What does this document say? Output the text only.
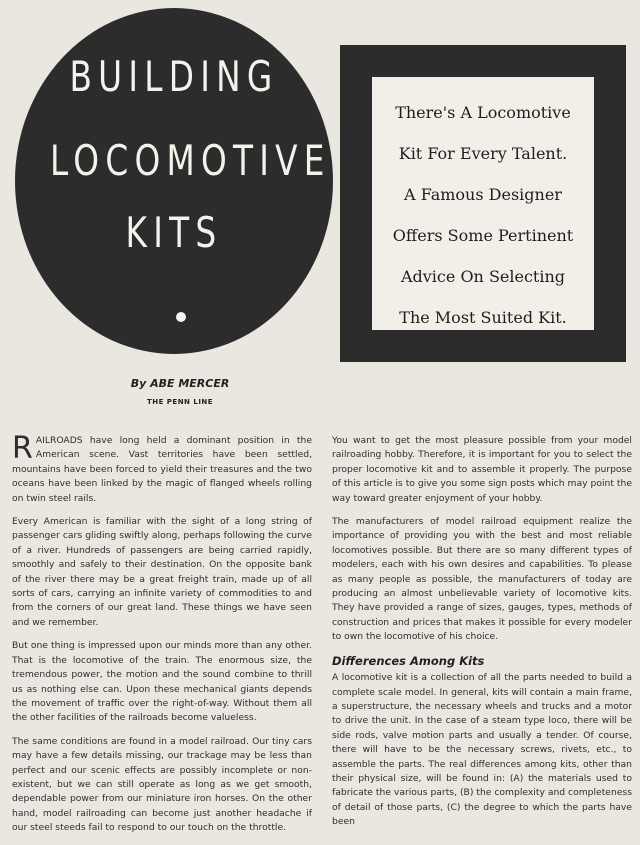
BUILDING
LOCOMOTIVE
KITS
There's A Locomotive
Kit For Every Talent.
A Famous Designer
Offers Some Pertinent
Advice On Selecting
The Most Suited Kit.
By ABE MERCER
THE PENN LINE

RAILROADS have long held a dominant position in the American scene. Vast territories have been settled, mountains have been forced to yield their treasures and the two oceans have been linked by the magic of flanged wheels rolling on twin steel rails.

Every American is familiar with the sight of a long string of passenger cars gliding swiftly along, perhaps following the curve of a river. Hundreds of passengers are being carried rapidly, smoothly and safely to their destination. On the opposite bank of the river there may be a great freight train, made up of all sorts of cars, carrying an infinite variety of commodities to and from the corners of our great land. These things we have seen and we remember.

But one thing is impressed upon our minds more than any other. That is the locomotive of the train. The enormous size, the tremendous power, the motion and the sound combine to thrill us as nothing else can. Upon these mechanical giants depends the movement of traffic over the right-of-way. Without them all the other facilities of the railroads become valueless.

The same conditions are found in a model railroad. Our tiny cars may have a few details missing, our trackage may be less than perfect and our scenic effects are possibly incomplete or non-existent, but we can still operate as long as we get smooth, dependable power from our miniature iron horses. On the other hand, model railroading can become just another headache if our steel steeds fail to respond to our touch on the throttle.

You want to get the most pleasure possible from your model railroading hobby. Therefore, it is important for you to select the proper locomotive kit and to assemble it properly. The purpose of this article is to give you some sign posts which may point the way toward greater enjoyment of your hobby.

The manufacturers of model railroad equipment realize the importance of providing you with the best and most reliable locomotives possible. But there are so many different types of modelers, each with his own desires and capabilities. To please as many people as possible, the manufacturers of today are producing an almost unbelievable variety of locomotive kits. They have provided a range of sizes, gauges, types, methods of construction and prices that makes it possible for every modeler to own the locomotive of his choice.

Differences Among Kits

A locomotive kit is a collection of all the parts needed to build a complete scale model. In general, kits will contain a main frame, a superstructure, the necessary wheels and trucks and a motor to drive the unit. In the case of a steam type loco, there will be side rods, valve motion parts and usually a tender. Of course, there will have to be the necessary screws, rivets, etc., to assemble the parts. The real differences among kits, other than their physical size, will be found in: (A) the materials used to fabricate the various parts, (B) the complexity and completeness of detail of those parts, (C) the degree to which the parts have been
